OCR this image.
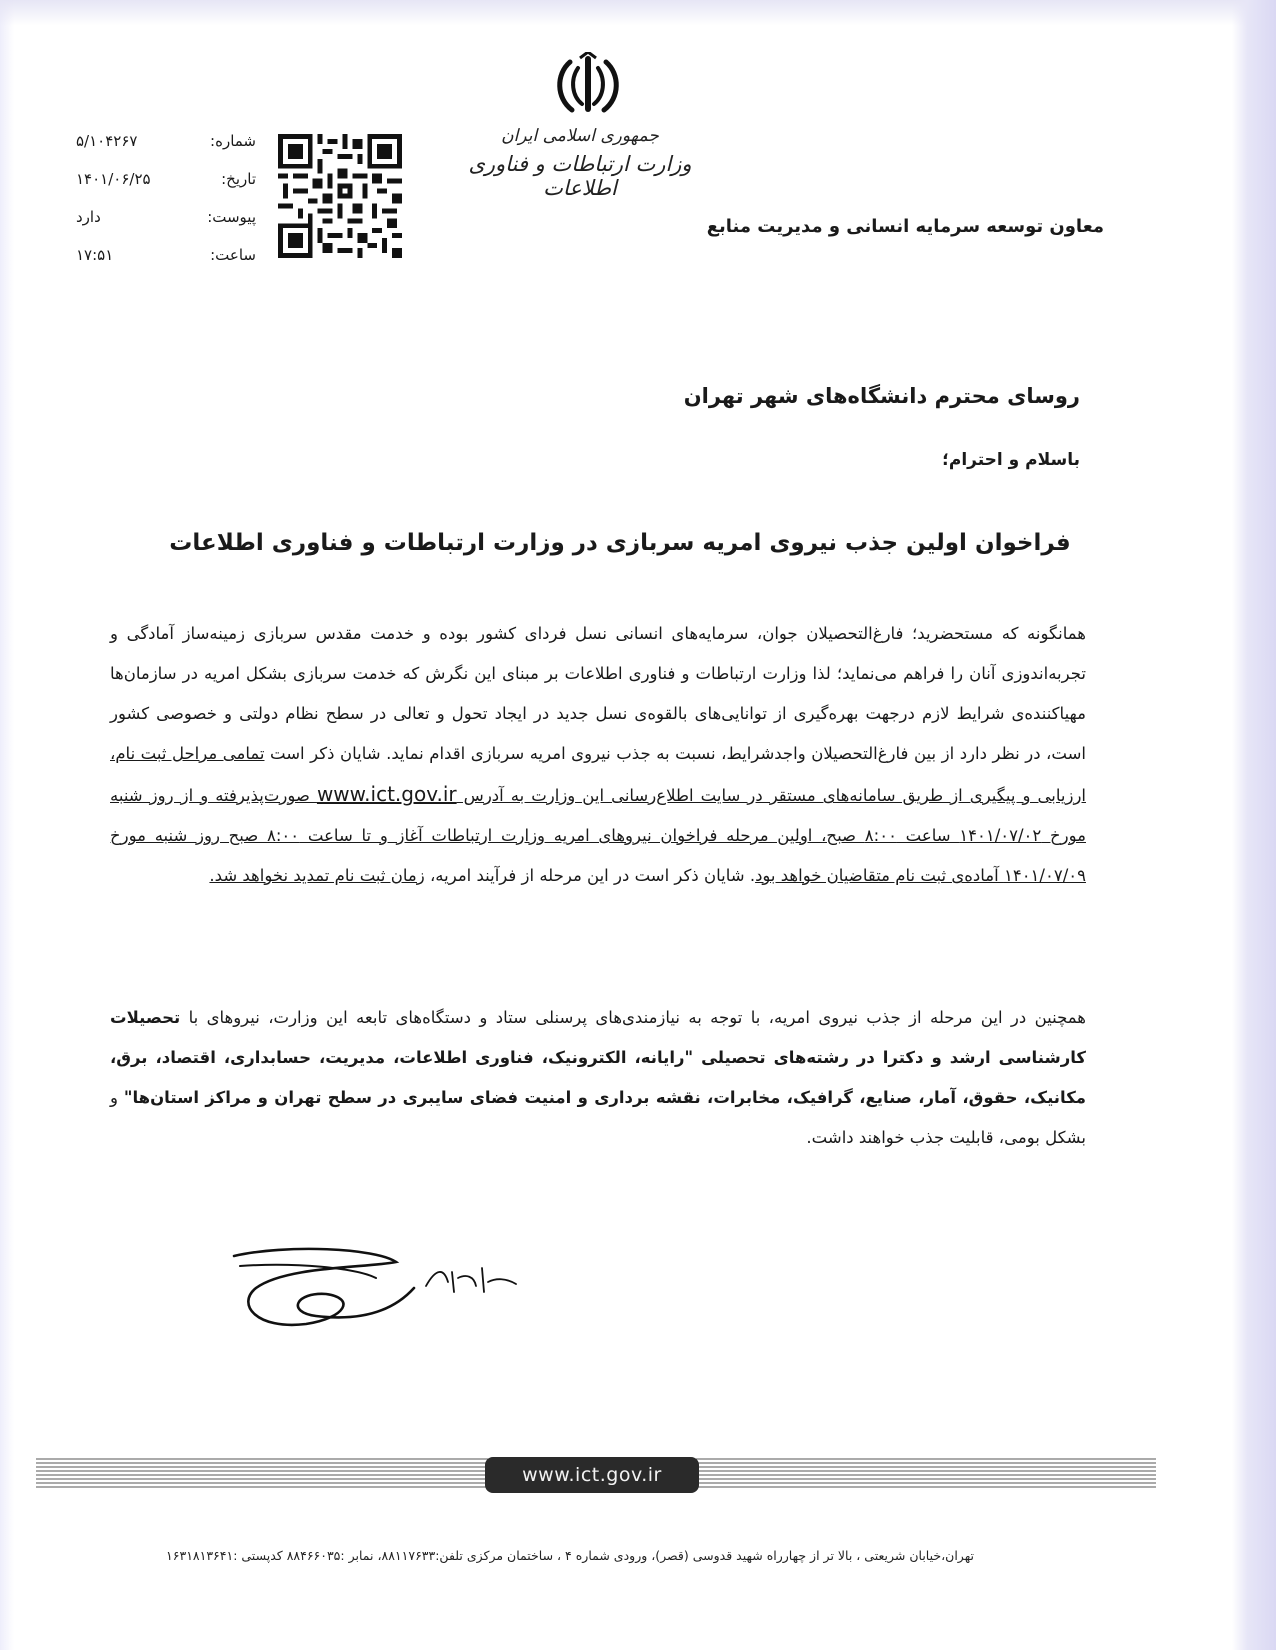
جمهوری اسلامی ایران
وزارت ارتباطات و فناوری اطلاعات
معاون توسعه سرمایه انسانی و مدیریت منابع
شماره:
۵/۱۰۴۲۶۷
تاریخ:
۱۴۰۱/۰۶/۲۵
پیوست:
دارد
ساعت:
۱۷:۵۱
روسای محترم دانشگاه‌های شهر تهران
باسلام و احترام؛
فراخوان اولین جذب نیروی امریه سربازی در وزارت ارتباطات و فناوری اطلاعات
همانگونه که مستحضرید؛ فارغ‌التحصیلان جوان، سرمایه‌های انسانی نسل فردای کشور بوده و خدمت مقدس سربازی زمینه‌ساز آمادگی و تجربه‌اندوزی آنان را فراهم می‌نماید؛ لذا وزارت ارتباطات و فناوری اطلاعات بر مبنای این نگرش که خدمت سربازی بشکل امریه در سازمان‌ها مهیاکننده‌ی شرایط لازم درجهت بهره‌گیری از توانایی‌های بالقوه‌ی نسل جدید در ایجاد تحول و تعالی در سطح نظام دولتی و خصوصی کشور است، در نظر دارد از بین فارغ‌التحصیلان واجدشرایط، نسبت به جذب نیروی امریه سربازی اقدام نماید. شایان ذکر است تمامی مراحل ثبت نام، ارزیابی و پیگیری از طریق سامانه‌های مستقر در سایت اطلاع‌رسانی این وزارت به آدرس www.ict.gov.ir صورت‌پذیرفته و از روز شنبه مورخ ۱۴۰۱/۰۷/۰۲ ساعت ۸:۰۰ صبح، اولین مرحله فراخوان نیروهای امریه وزارت ارتباطات آغاز و تا ساعت ۸:۰۰ صبح روز شنبه مورخ ۱۴۰۱/۰۷/۰۹ آماده‌ی ثبت نام متقاضیان خواهد بود. شایان ذکر است در این مرحله از فرآیند امریه، زمان ثبت نام تمدید نخواهد شد.
همچنین در این مرحله از جذب نیروی امریه، با توجه به نیازمندی‌های پرسنلی ستاد و دستگاه‌های تابعه این وزارت، نیروهای با تحصیلات کارشناسی ارشد و دکترا در رشته‌های تحصیلی "رایانه، الکترونیک، فناوری اطلاعات، مدیریت، حسابداری، اقتصاد، برق، مکانیک، حقوق، آمار، صنایع، گرافیک، مخابرات، نقشه برداری و امنیت فضای سایبری در سطح تهران و مراکز استان‌ها" و بشکل بومی، قابلیت جذب خواهند داشت.
www.ict.gov.ir
تهران،خیابان شریعتی ، بالا تر از چهارراه شهید قدوسی (قصر)، ورودی شماره ۴ ، ساختمان مرکزی تلفن:۸۸۱۱۷۶۳۳، نمابر :۸۸۴۶۶۰۳۵ کدپستی :۱۶۳۱۸۱۳۶۴۱
